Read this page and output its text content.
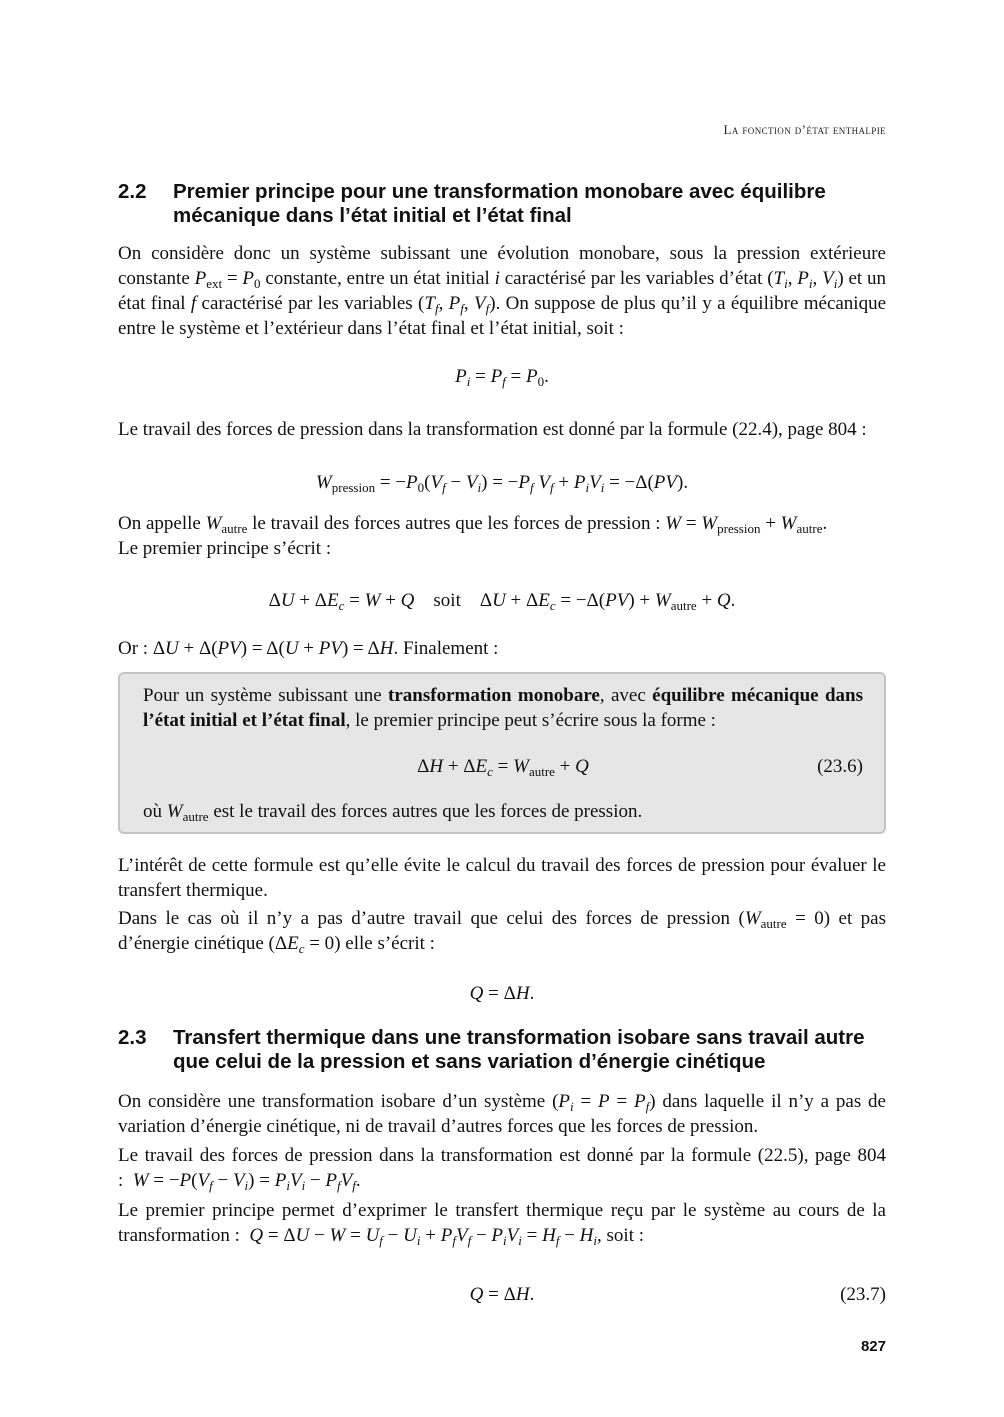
La fonction d’état enthalpie
2.2 Premier principe pour une transformation monobare avec équilibre mécanique dans l’état initial et l’état final
On considère donc un système subissant une évolution monobare, sous la pression extérieure constante $P_{ext} = P_0$ constante, entre un état initial i caractérisé par les variables d’état ($T_i$, $P_i$, $V_i$) et un état final f caractérisé par les variables ($T_f$, $P_f$, $V_f$). On suppose de plus qu’il y a équilibre mécanique entre le système et l’extérieur dans l’état final et l’état initial, soit :
$P_i = P_f = P_0$.
Le travail des forces de pression dans la transformation est donné par la formule (22.4), page 804 :
$W_{pression} = -P_0(V_f - V_i) = -P_f$ $V_f + P_iV_i = -\Delta(PV)$.
On appelle $W_{autre}$ le travail des forces autres que les forces de pression : $W = W_{pression} + W_{autre}$.
Le premier principe s’écrit :
$\Delta U + \Delta E_c = W + Q$ soit    $\Delta U + \Delta E_c = -\Delta(PV) + W_{autre} + Q$.
Or : ΔU + Δ(PV) = Δ(U + PV) = ΔH. Finalement :
Pour un système subissant une transformation monobare, avec équilibre mécanique dans l’état initial et l’état final, le premier principe peut s’écrire sous la forme :
$\Delta H + \Delta E_c = W_{autre} + Q$	(23.6)
où $W_{autre}$ est le travail des forces autres que les forces de pression.
L’intérêt de cette formule est qu’elle évite le calcul du travail des forces de pression pour évaluer le transfert thermique.
Dans le cas où il n’y a pas d’autre travail que celui des forces de pression $(W_{autre} = 0)$ et pas d’énergie cinétique $(\Delta E_c = 0)$ elle s’écrit :
Q = ΔH.
2.3 Transfert thermique dans une transformation isobare sans travail autre que celui de la pression et sans variation d’énergie cinétique
On considère une transformation isobare d’un système $(P_i = P = P_f)$ dans laquelle il n’y a pas de variation d’énergie cinétique, ni de travail d’autres forces que les forces de pression.
Le travail des forces de pression dans la transformation est donné par la formule (22.5), page 804 : $W = -P(V_f - V_i) = P_iV_i - P_fV_f$.
Le premier principe permet d’exprimer le transfert thermique reçu par le système au cours de la transformation : $Q = \Delta U - W = U_f - U_i + P_fV_f - P_iV_i = H_f - H_i$, soit :
Q = ΔH.	(23.7)
827
